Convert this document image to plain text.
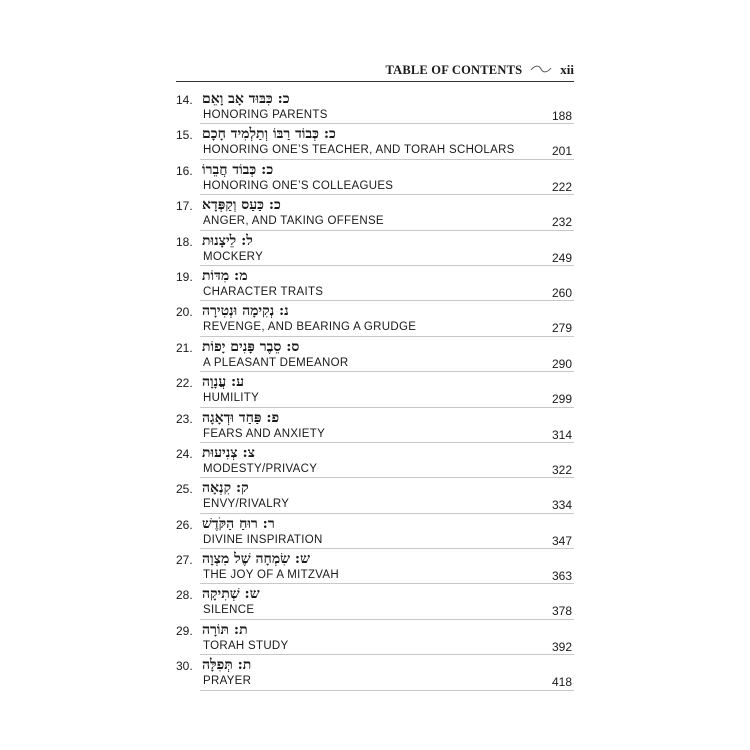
TABLE OF CONTENTS	xii
14. כ: כִּבּוּד אָב וָאֵם
HONORING PARENTS	188
15. כ: כְּבוֹד רַבּוֹ וְתַלְמִיד חָכָם
HONORING ONE’S TEACHER, AND TORAH SCHOLARS	201
16. כ: כְּבוֹד חֲבֵרוֹ
HONORING ONE’S COLLEAGUES	222
17. כ: כַּעַס וְקַפְּדָא
ANGER, AND TAKING OFFENSE	232
18. ל: לֵיצָנוּת
MOCKERY	249
19. מ: מִדּוֹת
CHARACTER TRAITS	260
20. נ: נְקִימָה וּנְטִירָה
REVENGE, AND BEARING A GRUDGE	279
21. ס: סֵבֶר פָּנִים יָפוֹת
A PLEASANT DEMEANOR	290
22. ע: עֲנָוָה
HUMILITY	299
23. פ: פַּחַד וּדְאָגָה
FEARS AND ANXIETY	314
24. צ: צְנִיעוּת
MODESTY/PRIVACY	322
25. ק: קִנְאָה
ENVY/RIVALRY	334
26. ר: רוּחַ הַקֹּדֶשׁ
DIVINE INSPIRATION	347
27. ש: שִׂמְחָה שֶׁל מִצְוָה
THE JOY OF A MITZVAH	363
28. ש: שְׁתִיקָה
SILENCE	378
29. ת: תּוֹרָה
TORAH STUDY	392
30. ת: תְּפִלָּה
PRAYER	418
